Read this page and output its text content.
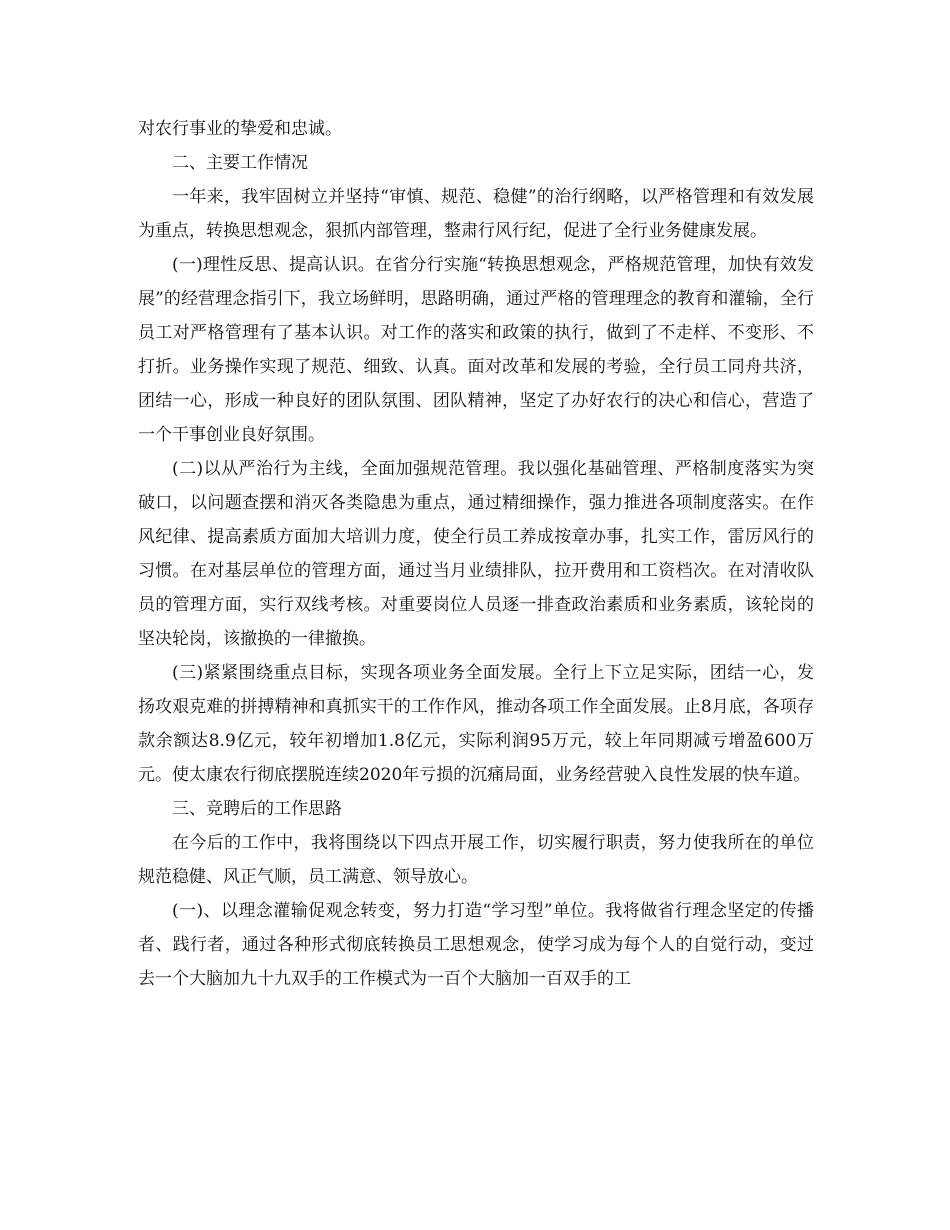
对农行事业的挚爱和忠诚。

二、主要工作情况

一年来，我牢固树立并坚持“审慎、规范、稳健”的治行纲略，以严格管理和有效发展为重点，转换思想观念，狠抓内部管理，整肃行风行纪，促进了全行业务健康发展。

(一)理性反思、提高认识。在省分行实施“转换思想观念，严格规范管理，加快有效发展”的经营理念指引下，我立场鲜明，思路明确，通过严格的管理理念的教育和灌输，全行员工对严格管理有了基本认识。对工作的落实和政策的执行，做到了不走样、不变形、不打折。业务操作实现了规范、细致、认真。面对改革和发展的考验，全行员工同舟共济，团结一心，形成一种良好的团队氛围、团队精神，坚定了办好农行的决心和信心，营造了一个干事创业良好氛围。

(二)以从严治行为主线，全面加强规范管理。我以强化基础管理、严格制度落实为突破口，以问题查摆和消灭各类隐患为重点，通过精细操作，强力推进各项制度落实。在作风纪律、提高素质方面加大培训力度，使全行员工养成按章办事，扎实工作，雷厉风行的习惯。在对基层单位的管理方面，通过当月业绩排队，拉开费用和工资档次。在对清收队员的管理方面，实行双线考核。对重要岗位人员逐一排查政治素质和业务素质，该轮岗的坚决轮岗，该撤换的一律撤换。

(三)紧紧围绕重点目标，实现各项业务全面发展。全行上下立足实际，团结一心，发扬攻艰克难的拼搏精神和真抓实干的工作作风，推动各项工作全面发展。止8月底，各项存款余额达8.9亿元，较年初增加1.8亿元，实际利润95万元，较上年同期减亏增盈600万元。使太康农行彻底摆脱连续2020年亏损的沉痛局面，业务经营驶入良性发展的快车道。

三、竞聘后的工作思路

在今后的工作中，我将围绕以下四点开展工作，切实履行职责，努力使我所在的单位规范稳健、风正气顺，员工满意、领导放心。

(一)、以理念灌输促观念转变，努力打造“学习型”单位。我将做省行理念坚定的传播者、践行者，通过各种形式彻底转换员工思想观念，使学习成为每个人的自觉行动，变过去一个大脑加九十九双手的工作模式为一百个大脑加一百双手的工
